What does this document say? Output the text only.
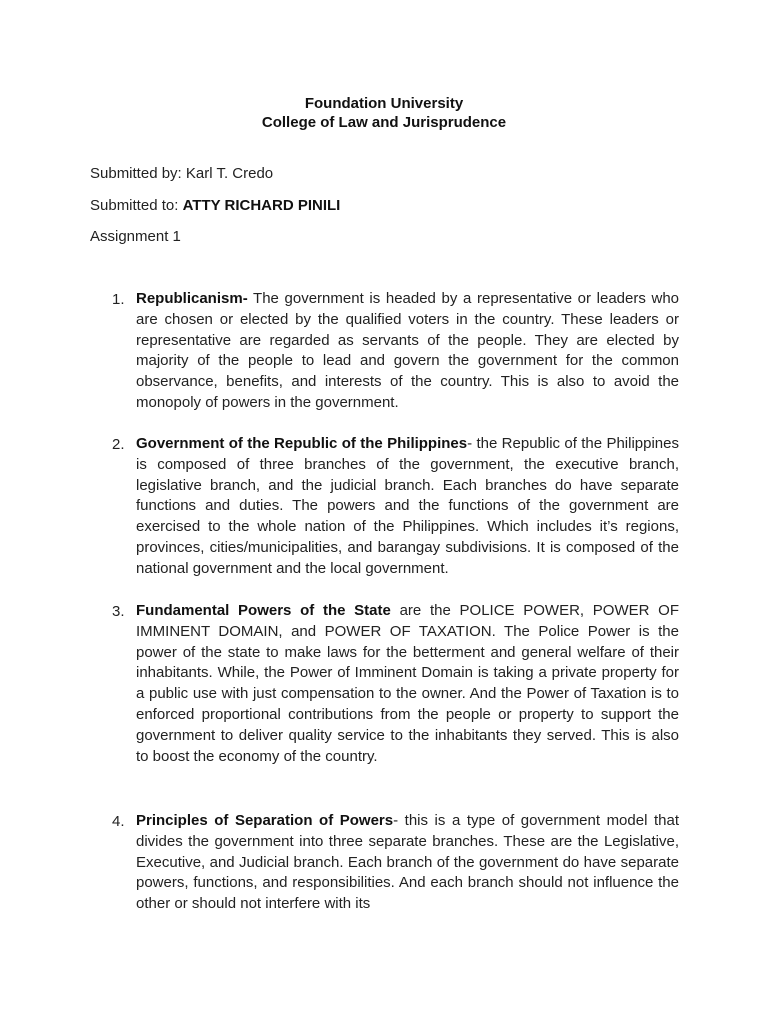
Foundation University
College of Law and Jurisprudence
Submitted by: Karl T. Credo
Submitted to: ATTY RICHARD PINILI
Assignment 1
1. Republicanism- The government is headed by a representative or leaders who are chosen or elected by the qualified voters in the country. These leaders or representative are regarded as servants of the people. They are elected by majority of the people to lead and govern the government for the common observance, benefits, and interests of the country. This is also to avoid the monopoly of powers in the government.
2. Government of the Republic of the Philippines- the Republic of the Philippines is composed of three branches of the government, the executive branch, legislative branch, and the judicial branch. Each branches do have separate functions and duties. The powers and the functions of the government are exercised to the whole nation of the Philippines. Which includes it’s regions, provinces, cities/municipalities, and barangay subdivisions. It is composed of the national government and the local government.
3. Fundamental Powers of the State are the POLICE POWER, POWER OF IMMINENT DOMAIN, and POWER OF TAXATION. The Police Power is the power of the state to make laws for the betterment and general welfare of their inhabitants. While, the Power of Imminent Domain is taking a private property for a public use with just compensation to the owner. And the Power of Taxation is to enforced proportional contributions from the people or property to support the government to deliver quality service to the inhabitants they served. This is also to boost the economy of the country.
4. Principles of Separation of Powers- this is a type of government model that divides the government into three separate branches. These are the Legislative, Executive, and Judicial branch. Each branch of the government do have separate powers, functions, and responsibilities. And each branch should not influence the other or should not interfere with its
